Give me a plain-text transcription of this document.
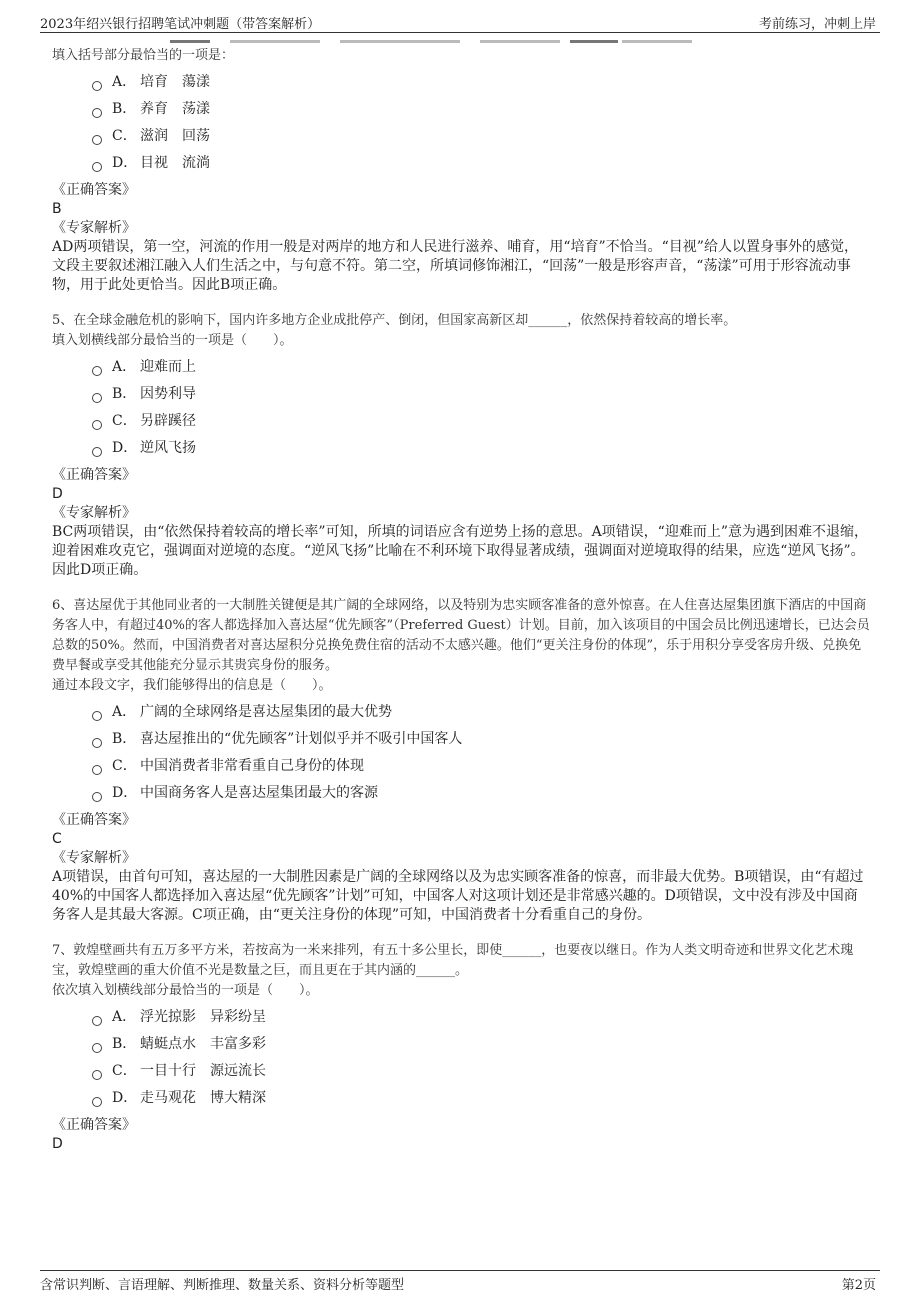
2023年绍兴银行招聘笔试冲刺题（带答案解析）	考前练习，冲刺上岸

填入括号部分最恰当的一项是：

A． 培育　蕩漾
B． 养育　荡漾
C． 滋润　回荡
D． 目视　流淌

《正确答案》

B

《专家解析》

AD两项错误，第一空，河流的作用一般是对两岸的地方和人民进行滋养、哺育，用“培育”不恰当。“目视”给人以置身事外的感觉，文段主要叙述湘江融入人们生活之中，与句意不符。第二空，所填词修饰湘江，“回荡”一般是形容声音，“荡漾”可用于形容流动事物，用于此处更恰当。因此B项正确。

5、在全球金融危机的影响下，国内许多地方企业成批停产、倒闭，但国家高新区却______，依然保持着较高的增长率。

填入划横线部分最恰当的一项是（　　）。

A． 迎难而上
B． 因势利导
C． 另辟蹊径
D． 逆风飞扬

《正确答案》

D

《专家解析》

BC两项错误，由“依然保持着较高的增长率”可知，所填的词语应含有逆势上扬的意思。A项错误，“迎难而上”意为遇到困难不退缩，迎着困难攻克它，强调面对逆境的态度。“逆风飞扬”比喻在不利环境下取得显著成绩，强调面对逆境取得的结果，应选“逆风飞扬”。因此D项正确。

6、喜达屋优于其他同业者的一大制胜关键便是其广阔的全球网络，以及特别为忠实顾客准备的意外惊喜。在人住喜达屋集团旗下酒店的中国商务客人中，有超过40%的客人都选择加入喜达屋“优先顾客”（Preferred Guest）计划。目前，加入该项目的中国会员比例迅速增长，已达会员总数的50%。然而，中国消费者对喜达屋积分兑换免费住宿的活动不太感兴趣。他们“更关注身份的体现”，乐于用积分享受客房升级、兑换免费早餐或享受其他能充分显示其贵宾身份的服务。

通过本段文字，我们能够得出的信息是（　　）。

A． 广阔的全球网络是喜达屋集团的最大优势
B． 喜达屋推出的“优先顾客”计划似乎并不吸引中国客人
C． 中国消费者非常看重自己身份的体现
D． 中国商务客人是喜达屋集团最大的客源

《正确答案》

C

《专家解析》

A项错误，由首句可知，喜达屋的一大制胜因素是广阔的全球网络以及为忠实顾客准备的惊喜，而非最大优势。B项错误，由“有超过40%的中国客人都选择加入喜达屋“优先顾客”计划”可知，中国客人对这项计划还是非常感兴趣的。D项错误，文中没有涉及中国商务客人是其最大客源。C项正确，由“更关注身份的体现”可知，中国消费者十分看重自己的身份。

7、敦煌壁画共有五万多平方米，若按高为一米来排列，有五十多公里长，即使______，也要夜以继日。作为人类文明奇迹和世界文化艺术瑰宝，敦煌壁画的重大价值不光是数量之巨，而且更在于其内涵的______。

依次填入划横线部分最恰当的一项是（　　）。

A． 浮光掠影　异彩纷呈
B． 蜻蜓点水　丰富多彩
C． 一目十行　源远流长
D． 走马观花　博大精深

《正确答案》

D

含常识判断、言语理解、判断推理、数量关系、资料分析等题型	第2页
